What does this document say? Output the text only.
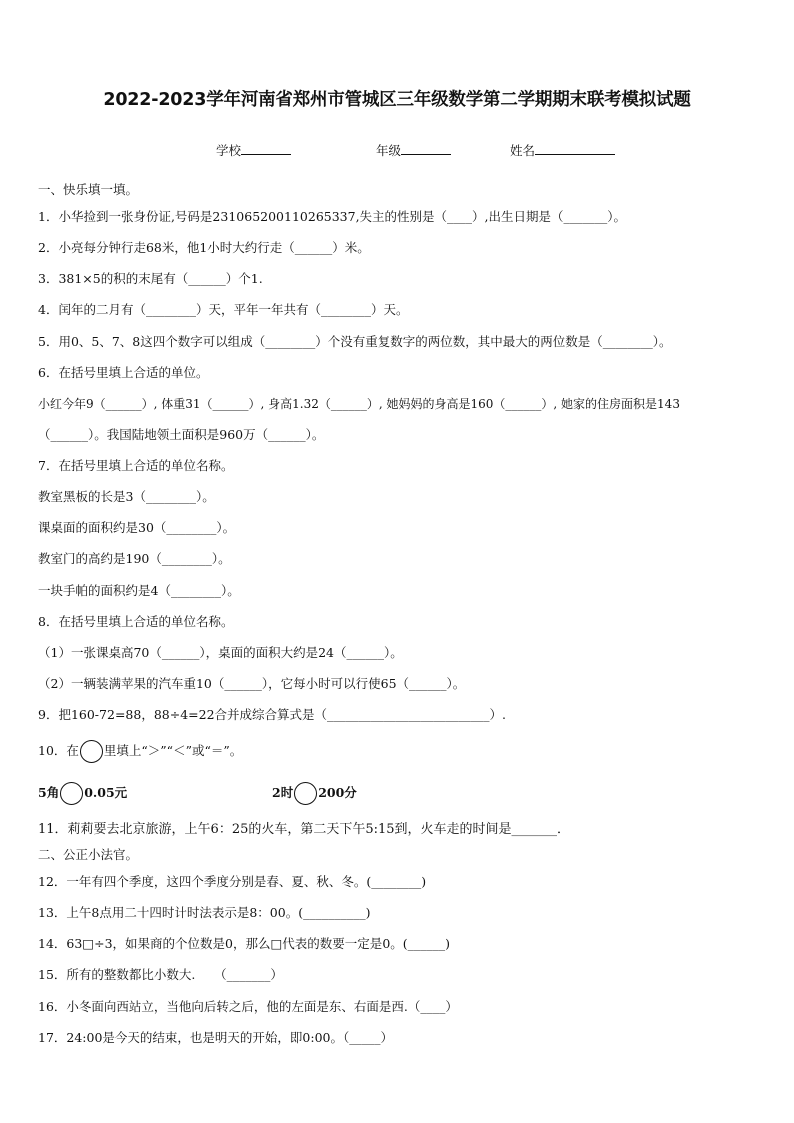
2022-2023学年河南省郑州市管城区三年级数学第二学期期末联考模拟试题
学校	年级	姓名
一、快乐填一填。
1．小华捡到一张身份证,号码是231065200110265337,失主的性别是（____）,出生日期是（_______）。
2．小亮每分钟行走68米，他1小时大约行走（______）米。
3．381×5的积的末尾有（______）个1.
4．闰年的二月有（________）天，平年一年共有（________）天。
5．用0、5、7、8这四个数字可以组成（________）个没有重复数字的两位数，其中最大的两位数是（________）。
6．在括号里填上合适的单位。
小红今年9（______）, 体重31（______）, 身高1.32（______）, 她妈妈的身高是160（______）, 她家的住房面积是143
（______）。我国陆地领土面积是960万（______）。
7．在括号里填上合适的单位名称。
教室黑板的长是3（________）。
课桌面的面积约是30（________）。
教室门的高约是190（________）。
一块手帕的面积约是4（________）。
8．在括号里填上合适的单位名称。
（1）一张课桌高70（______），桌面的面积大约是24（______）。
（2）一辆装满苹果的汽车重10（______），它每小时可以行使65（______）。
9．把160-72=88，88÷4=22合并成综合算式是（__________________________）.
10．在 里填上“＞”“＜”或“＝”。
5角 0.05元	2时 200分
11．莉莉要去北京旅游，上午6：25的火车，第二天下午5:15到，火车走的时间是_______．
二、公正小法官。
12．一年有四个季度，这四个季度分别是春、夏、秋、冬。(________)
13．上午8点用二十四时计时法表示是8：00。(__________)
14．63□÷3，如果商的个位数是0，那么□代表的数要一定是0。(______)
15．所有的整数都比小数大.　　（_______）
16．小冬面向西站立，当他向后转之后，他的左面是东、右面是西.（____）
17．24:00是今天的结束，也是明天的开始，即0:00。（_____）
